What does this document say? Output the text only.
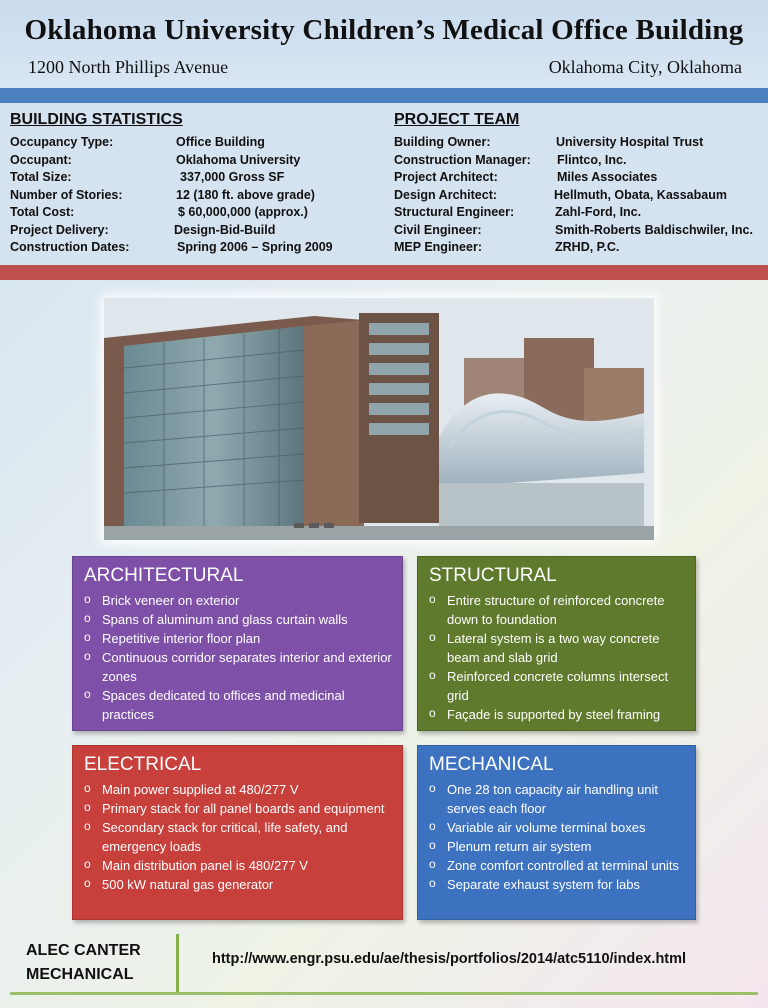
Oklahoma University Children’s Medical Office Building
1200 North Phillips Avenue	Oklahoma City, Oklahoma
BUILDING STATISTICS
Occupancy Type:	Office Building
Occupant:	Oklahoma University
Total Size:	337,000 Gross SF
Number of Stories:	12 (180 ft. above grade)
Total Cost:	$ 60,000,000 (approx.)
Project Delivery:	Design-Bid-Build
Construction Dates:	Spring 2006 – Spring 2009
PROJECT TEAM
Building Owner:	University Hospital Trust
Construction Manager: Flintco, Inc.
Project Architect:	Miles Associates
Design Architect:	Hellmuth, Obata, Kassabaum
Structural Engineer:	Zahl-Ford, Inc.
Civil Engineer:	Smith-Roberts Baldischwiler, Inc.
MEP Engineer:	ZRHD, P.C.
ARCHITECTURAL
o Brick veneer on exterior
o Spans of aluminum and glass curtain walls
o Repetitive interior floor plan
o Continuous corridor separates interior and exterior zones
o Spaces dedicated to offices and medicinal practices
STRUCTURAL
o Entire structure of reinforced concrete down to foundation
o Lateral system is a two way concrete beam and slab grid
o Reinforced concrete columns intersect grid
o Façade is supported by steel framing
ELECTRICAL
o Main power supplied at 480/277 V
o Primary stack for all panel boards and equipment
o Secondary stack for critical, life safety, and emergency loads
o Main distribution panel is 480/277 V
o 500 kW natural gas generator
MECHANICAL
o One 28 ton capacity air handling unit serves each floor
o Variable air volume terminal boxes
o Plenum return air system
o Zone comfort controlled at terminal units
o Separate exhaust system for labs
ALEC CANTER
MECHANICAL
http://www.engr.psu.edu/ae/thesis/portfolios/2014/atc5110/index.html
